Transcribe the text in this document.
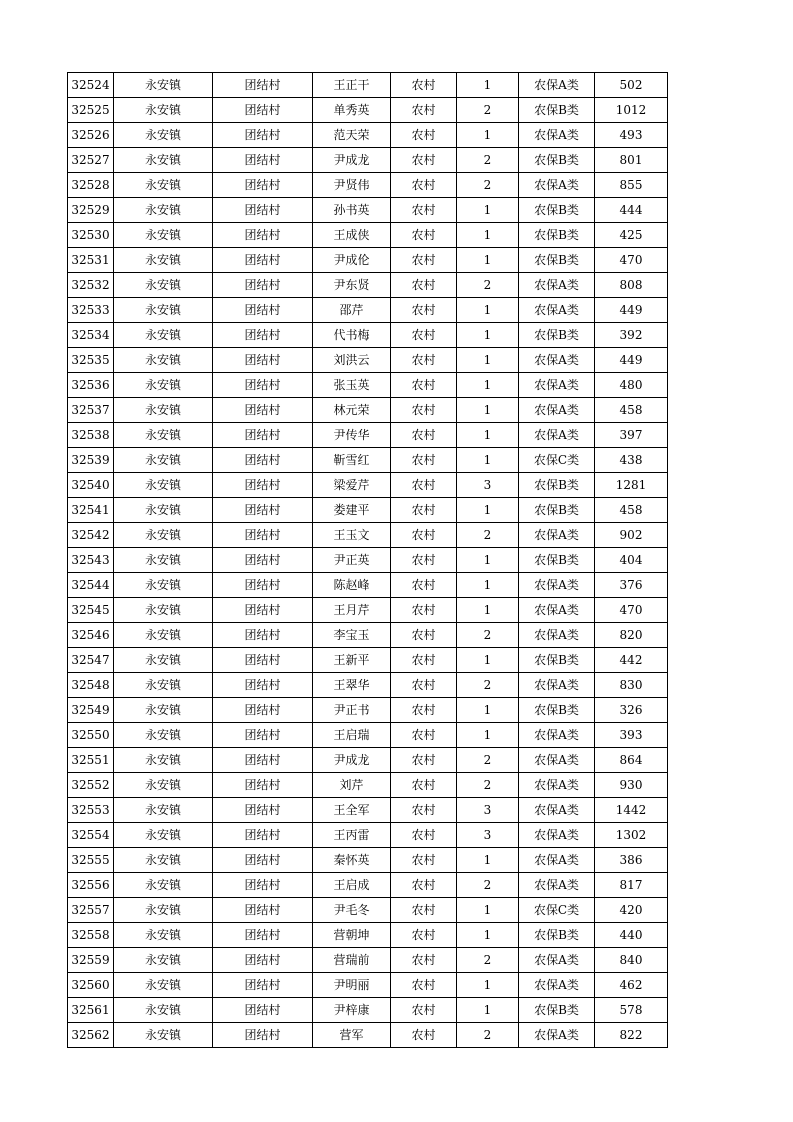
32524	永安镇	团结村	王正干	农村	1	农保A类	502
32525	永安镇	团结村	单秀英	农村	2	农保B类	1012
32526	永安镇	团结村	范天荣	农村	1	农保A类	493
32527	永安镇	团结村	尹成龙	农村	2	农保B类	801
32528	永安镇	团结村	尹贤伟	农村	2	农保A类	855
32529	永安镇	团结村	孙书英	农村	1	农保B类	444
32530	永安镇	团结村	王成侠	农村	1	农保B类	425
32531	永安镇	团结村	尹成伦	农村	1	农保B类	470
32532	永安镇	团结村	尹东贤	农村	2	农保A类	808
32533	永安镇	团结村	邵芹	农村	1	农保A类	449
32534	永安镇	团结村	代书梅	农村	1	农保B类	392
32535	永安镇	团结村	刘洪云	农村	1	农保A类	449
32536	永安镇	团结村	张玉英	农村	1	农保A类	480
32537	永安镇	团结村	林元荣	农村	1	农保A类	458
32538	永安镇	团结村	尹传华	农村	1	农保A类	397
32539	永安镇	团结村	靳雪红	农村	1	农保C类	438
32540	永安镇	团结村	梁爱芹	农村	3	农保B类	1281
32541	永安镇	团结村	娄建平	农村	1	农保B类	458
32542	永安镇	团结村	王玉文	农村	2	农保A类	902
32543	永安镇	团结村	尹正英	农村	1	农保B类	404
32544	永安镇	团结村	陈赵峰	农村	1	农保A类	376
32545	永安镇	团结村	王月芹	农村	1	农保A类	470
32546	永安镇	团结村	李宝玉	农村	2	农保A类	820
32547	永安镇	团结村	王新平	农村	1	农保B类	442
32548	永安镇	团结村	王翠华	农村	2	农保A类	830
32549	永安镇	团结村	尹正书	农村	1	农保B类	326
32550	永安镇	团结村	王启瑞	农村	1	农保A类	393
32551	永安镇	团结村	尹成龙	农村	2	农保A类	864
32552	永安镇	团结村	刘芹	农村	2	农保A类	930
32553	永安镇	团结村	王全军	农村	3	农保A类	1442
32554	永安镇	团结村	王丙雷	农村	3	农保A类	1302
32555	永安镇	团结村	秦怀英	农村	1	农保A类	386
32556	永安镇	团结村	王启成	农村	2	农保A类	817
32557	永安镇	团结村	尹毛冬	农村	1	农保C类	420
32558	永安镇	团结村	营朝坤	农村	1	农保B类	440
32559	永安镇	团结村	营瑞前	农村	2	农保A类	840
32560	永安镇	团结村	尹明丽	农村	1	农保A类	462
32561	永安镇	团结村	尹梓康	农村	1	农保B类	578
32562	永安镇	团结村	营军	农村	2	农保A类	822
